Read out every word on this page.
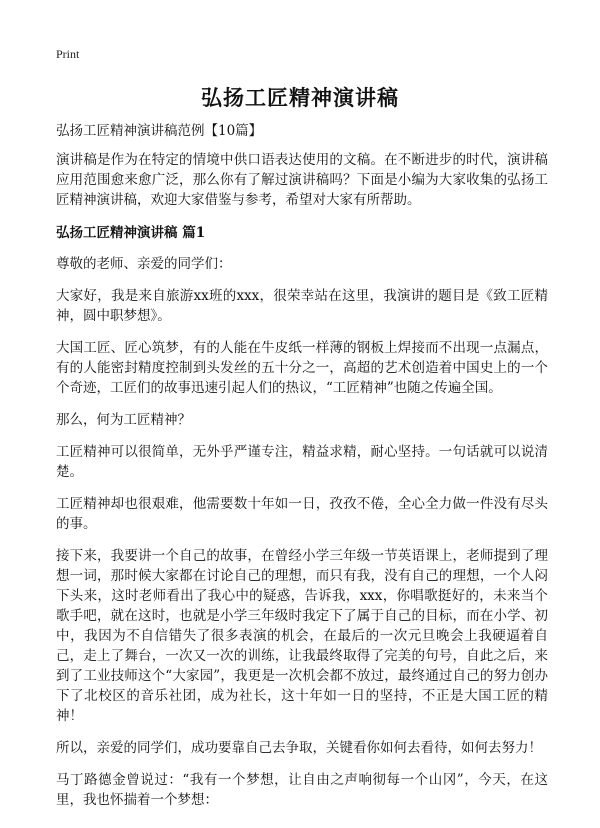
Print
弘扬工匠精神演讲稿

弘扬工匠精神演讲稿范例【10篇】

演讲稿是作为在特定的情境中供口语表达使用的文稿。在不断进步的时代，演讲稿应用范围愈来愈广泛，那么你有了解过演讲稿吗？下面是小编为大家收集的弘扬工匠精神演讲稿，欢迎大家借鉴与参考，希望对大家有所帮助。

弘扬工匠精神演讲稿 篇1

尊敬的老师、亲爱的同学们：

大家好，我是来自旅游xx班的xxx，很荣幸站在这里，我演讲的题目是《致工匠精神，圆中职梦想》。

大国工匠、匠心筑梦，有的人能在牛皮纸一样薄的钢板上焊接而不出现一点漏点，有的人能密封精度控制到头发丝的五十分之一，高超的艺术创造着中国史上的一个个奇迹，工匠们的故事迅速引起人们的热议，“工匠精神”也随之传遍全国。

那么，何为工匠精神？

工匠精神可以很简单，无外乎严谨专注，精益求精，耐心坚持。一句话就可以说清楚。

工匠精神却也很艰难，他需要数十年如一日，孜孜不倦，全心全力做一件没有尽头的事。

接下来，我要讲一个自己的故事，在曾经小学三年级一节英语课上，老师提到了理想一词，那时候大家都在讨论自己的理想，而只有我，没有自己的理想，一个人闷下头来，这时老师看出了我心中的疑惑，告诉我，xxx，你唱歌挺好的，未来当个歌手吧，就在这时，也就是小学三年级时我定下了属于自己的目标，而在小学、初中，我因为不自信错失了很多表演的机会，在最后的一次元旦晚会上我硬逼着自己，走上了舞台，一次又一次的训练，让我最终取得了完美的句号，自此之后，来到了工业技师这个“大家园”，我更是一次机会都不放过，最终通过自己的努力创办下了北校区的音乐社团，成为社长，这十年如一日的坚持，不正是大国工匠的精神！

所以，亲爱的同学们，成功要靠自己去争取，关键看你如何去看待，如何去努力！

马丁路德金曾说过：“我有一个梦想，让自由之声响彻每一个山冈”，今天，在这里，我也怀揣着一个梦想：
